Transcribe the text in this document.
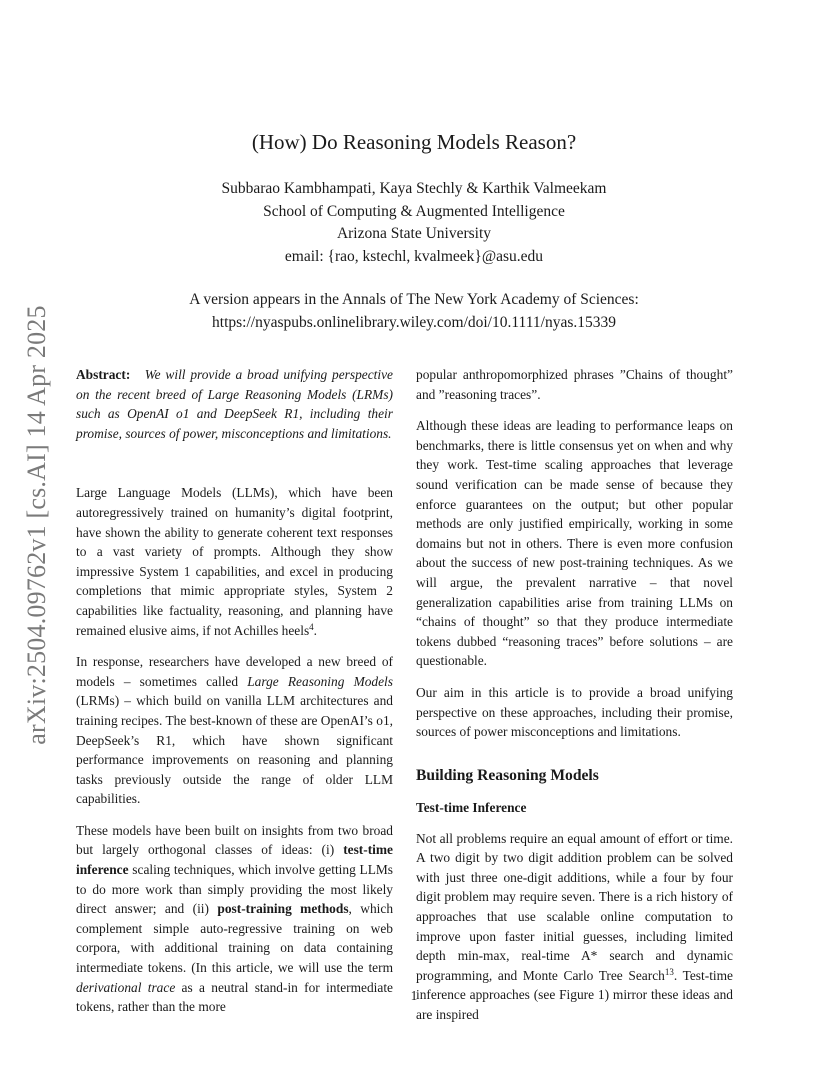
arXiv:2504.09762v1 [cs.AI] 14 Apr 2025
(How) Do Reasoning Models Reason?
Subbarao Kambhampati, Kaya Stechly & Karthik Valmeekam
School of Computing & Augmented Intelligence
Arizona State University
email: {rao, kstechl, kvalmeek}@asu.edu
A version appears in the Annals of The New York Academy of Sciences:
https://nyaspubs.onlinelibrary.wiley.com/doi/10.1111/nyas.15339

Abstract: We will provide a broad unifying perspective on the recent breed of Large Reasoning Models (LRMs) such as OpenAI o1 and DeepSeek R1, including their promise, sources of power, misconceptions and limitations.

Large Language Models (LLMs), which have been autoregressively trained on humanity’s digital footprint, have shown the ability to generate coherent text responses to a vast variety of prompts. Although they show impressive System 1 capabilities, and excel in producing completions that mimic appropriate styles, System 2 capabilities like factuality, reasoning, and planning have remained elusive aims, if not Achilles heels$^4$.

In response, researchers have developed a new breed of models – sometimes called Large Reasoning Models (LRMs) – which build on vanilla LLM architectures and training recipes. The best-known of these are OpenAI’s o1, DeepSeek’s R1, which have shown significant performance improvements on reasoning and planning tasks previously outside the range of older LLM capabilities.

These models have been built on insights from two broad but largely orthogonal classes of ideas: (i) test-time inference scaling techniques, which involve getting LLMs to do more work than simply providing the most likely direct answer; and (ii) post-training methods, which complement simple auto-regressive training on web corpora, with additional training on data containing intermediate tokens. (In this article, we will use the term derivational trace as a neutral stand-in for intermediate tokens, rather than the more

popular anthropomorphized phrases ”Chains of thought” and ”reasoning traces”.

Although these ideas are leading to performance leaps on benchmarks, there is little consensus yet on when and why they work. Test-time scaling approaches that leverage sound verification can be made sense of because they enforce guarantees on the output; but other popular methods are only justified empirically, working in some domains but not in others. There is even more confusion about the success of new post-training techniques. As we will argue, the prevalent narrative – that novel generalization capabilities arise from training LLMs on “chains of thought” so that they produce intermediate tokens dubbed “reasoning traces” before solutions – are questionable.

Our aim in this article is to provide a broad unifying perspective on these approaches, including their promise, sources of power misconceptions and limitations.

Building Reasoning Models
Test-time Inference

Not all problems require an equal amount of effort or time. A two digit by two digit addition problem can be solved with just three one-digit additions, while a four by four digit problem may require seven. There is a rich history of approaches that use scalable online computation to improve upon faster initial guesses, including limited depth min-max, real-time A* search and dynamic programming, and Monte Carlo Tree Search$^{13}$. Test-time inference approaches (see Figure 1) mirror these ideas and are inspired

1
